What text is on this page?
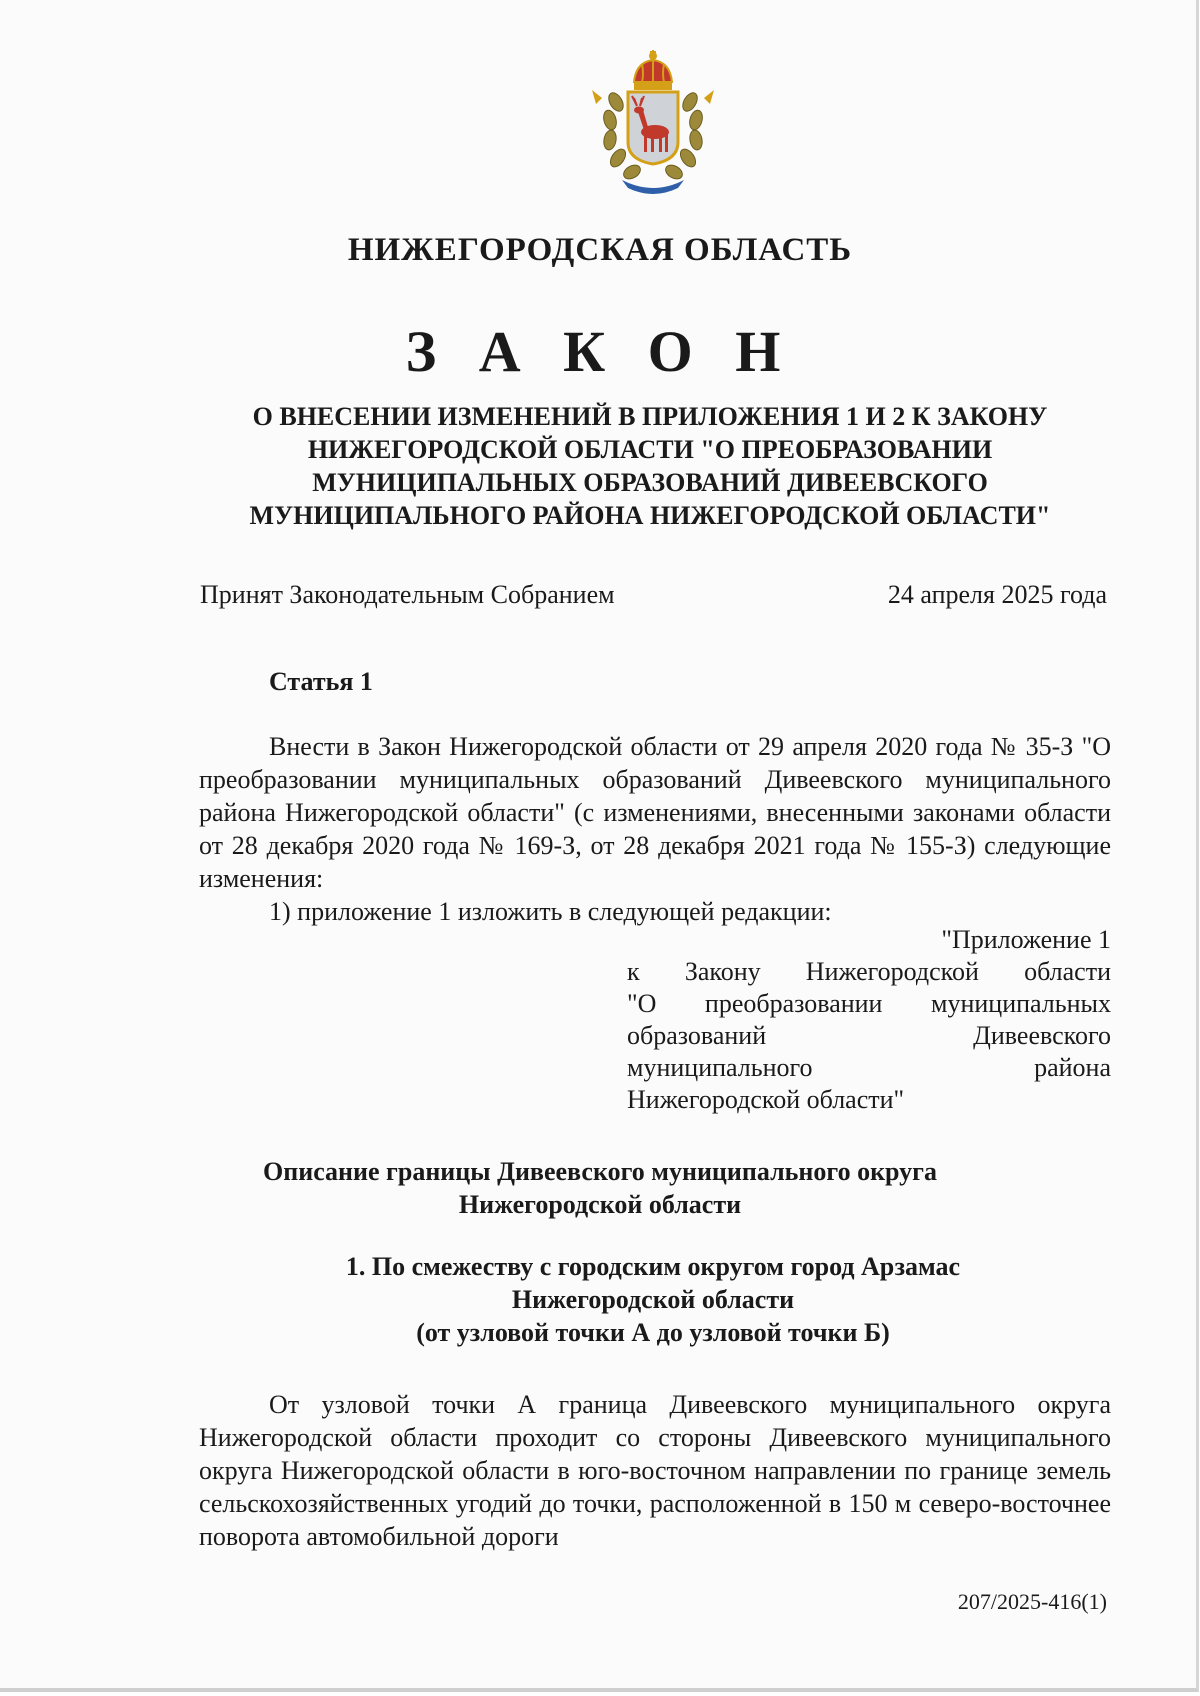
НИЖЕГОРОДСКАЯ ОБЛАСТЬ
З А К О Н
О ВНЕСЕНИИ ИЗМЕНЕНИЙ В ПРИЛОЖЕНИЯ 1 И 2 К ЗАКОНУ
НИЖЕГОРОДСКОЙ ОБЛАСТИ "О ПРЕОБРАЗОВАНИИ
МУНИЦИПАЛЬНЫХ ОБРАЗОВАНИЙ ДИВЕЕВСКОГО
МУНИЦИПАЛЬНОГО РАЙОНА НИЖЕГОРОДСКОЙ ОБЛАСТИ"
Принят Законодательным Собранием	24 апреля 2025 года
Статья 1

Внести в Закон Нижегородской области от 29 апреля 2020 года № 35-З "О преобразовании муниципальных образований Дивеевского муниципального района Нижегородской области" (с изменениями, внесенными законами области от 28 декабря 2020 года № 169-З, от 28 декабря 2021 года № 155-З) следующие изменения:

1) приложение 1 изложить в следующей редакции:

"Приложение 1
к Закону Нижегородской области
"О преобразовании муниципальных
образований Дивеевского
муниципального района
Нижегородской области"
Описание границы Дивеевского муниципального округа
Нижегородской области
1. По смежеству с городским округом город Арзамас
Нижегородской области
(от узловой точки А до узловой точки Б)

От узловой точки А граница Дивеевского муниципального округа Нижегородской области проходит со стороны Дивеевского муниципального округа Нижегородской области в юго-восточном направлении по границе земель сельскохозяйственных угодий до точки, расположенной в 150 м северо-восточнее поворота автомобильной дороги

207/2025-416(1)
